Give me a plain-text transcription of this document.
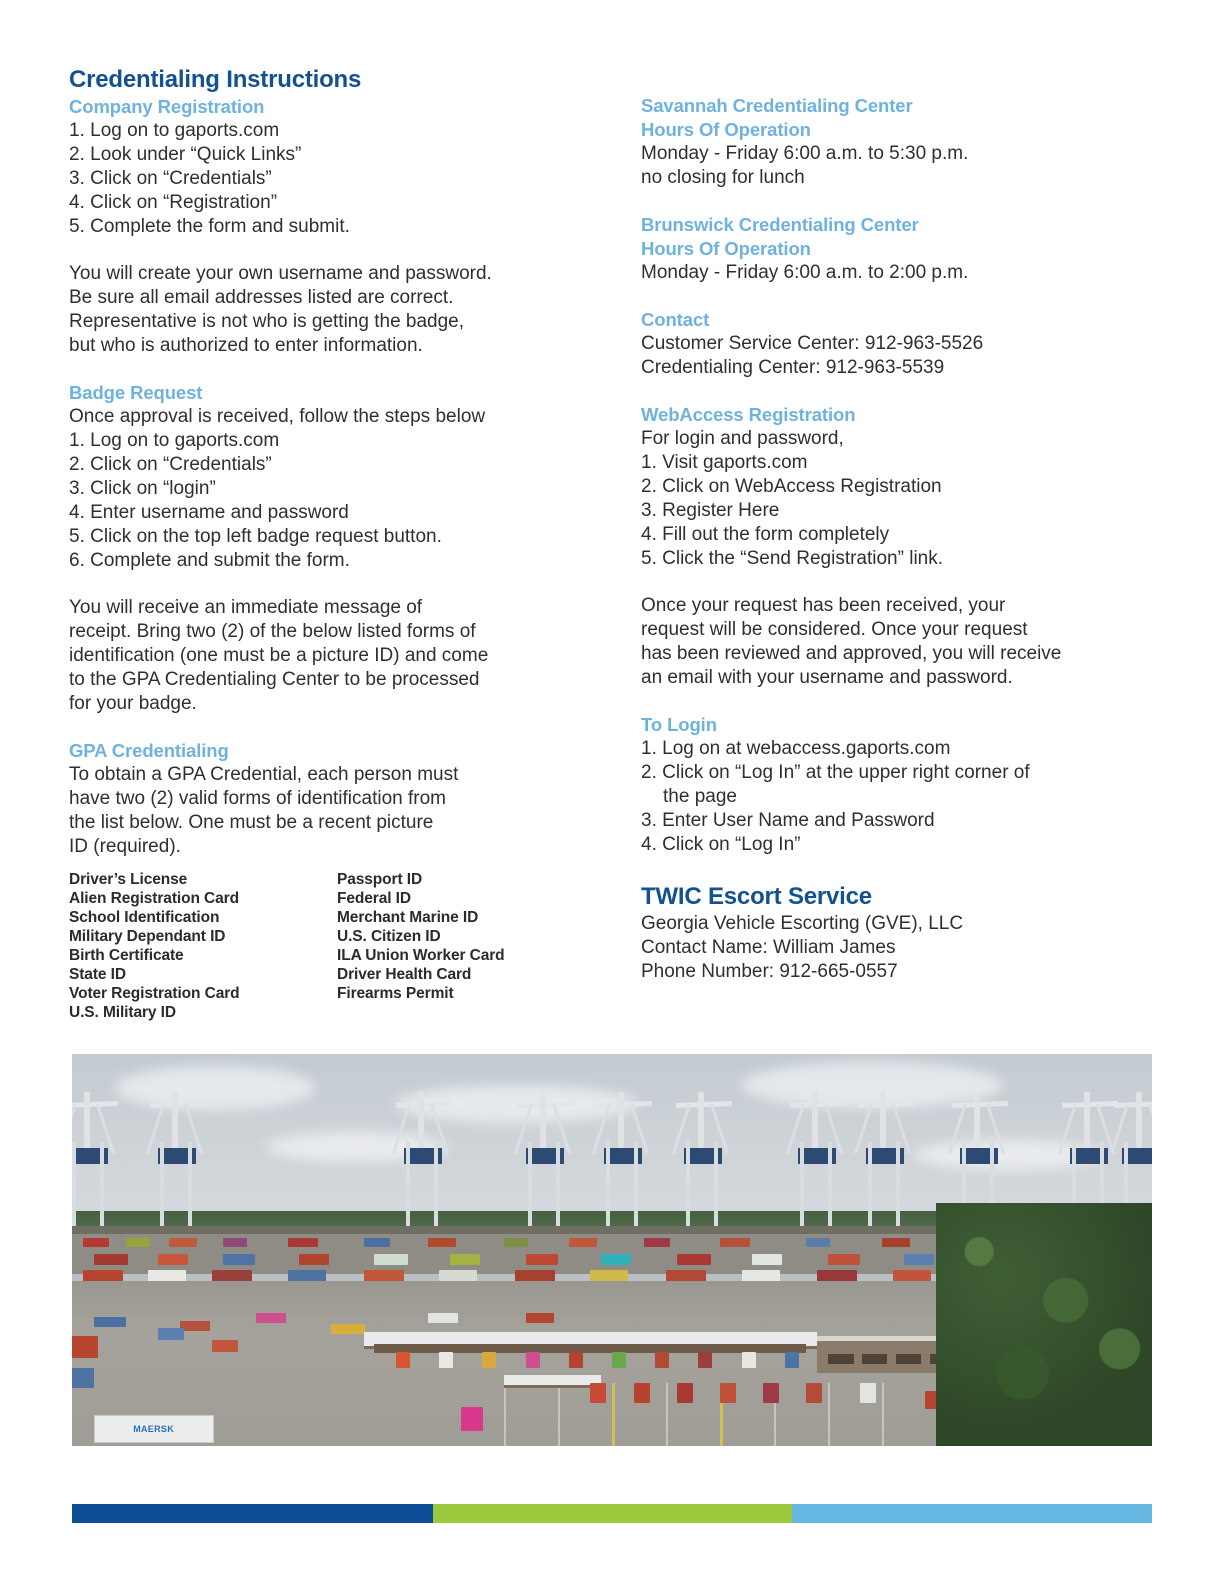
Credentialing Instructions
Company Registration
1. Log on to gaports.com
2. Look under “Quick Links”
3. Click on “Credentials”
4. Click on “Registration”
5. Complete the form and submit.
You will create your own username and password.
Be sure all email addresses listed are correct.
Representative is not who is getting the badge,
but who is authorized to enter information.
Badge Request
Once approval is received, follow the steps below
1. Log on to gaports.com
2. Click on “Credentials”
3. Click on “login”
4. Enter username and password
5. Click on the top left badge request button.
6. Complete and submit the form.
You will receive an immediate message of
receipt. Bring two (2) of the below listed forms of
identification (one must be a picture ID) and come
to the GPA Credentialing Center to be processed
for your badge.
GPA Credentialing
To obtain a GPA Credential, each person must
have two (2) valid forms of identification from
the list below. One must be a recent picture
ID (required).
Driver’s License
Alien Registration Card
School Identification
Military Dependant ID
Birth Certificate
State ID
Voter Registration Card
U.S. Military ID
Passport ID
Federal ID
Merchant Marine ID
U.S. Citizen ID
ILA Union Worker Card
Driver Health Card
Firearms Permit
Savannah Credentialing Center
Hours Of Operation
Monday - Friday 6:00 a.m. to 5:30 p.m.
no closing for lunch
Brunswick Credentialing Center
Hours Of Operation
Monday - Friday 6:00 a.m. to 2:00 p.m.
Contact
Customer Service Center: 912-963-5526
Credentialing Center: 912-963-5539
WebAccess Registration
For login and password,
1. Visit gaports.com
2. Click on WebAccess Registration
3. Register Here
4. Fill out the form completely
5. Click the “Send Registration” link.
Once your request has been received, your
request will be considered. Once your request
has been reviewed and approved, you will receive
an email with your username and password.
To Login
1. Log on at webaccess.gaports.com
2. Click on “Log In” at the upper right corner of
the page
3. Enter User Name and Password
4. Click on “Log In”
TWIC Escort Service
Georgia Vehicle Escorting (GVE), LLC
Contact Name: William James
Phone Number: 912-665-0557
MAERSK
